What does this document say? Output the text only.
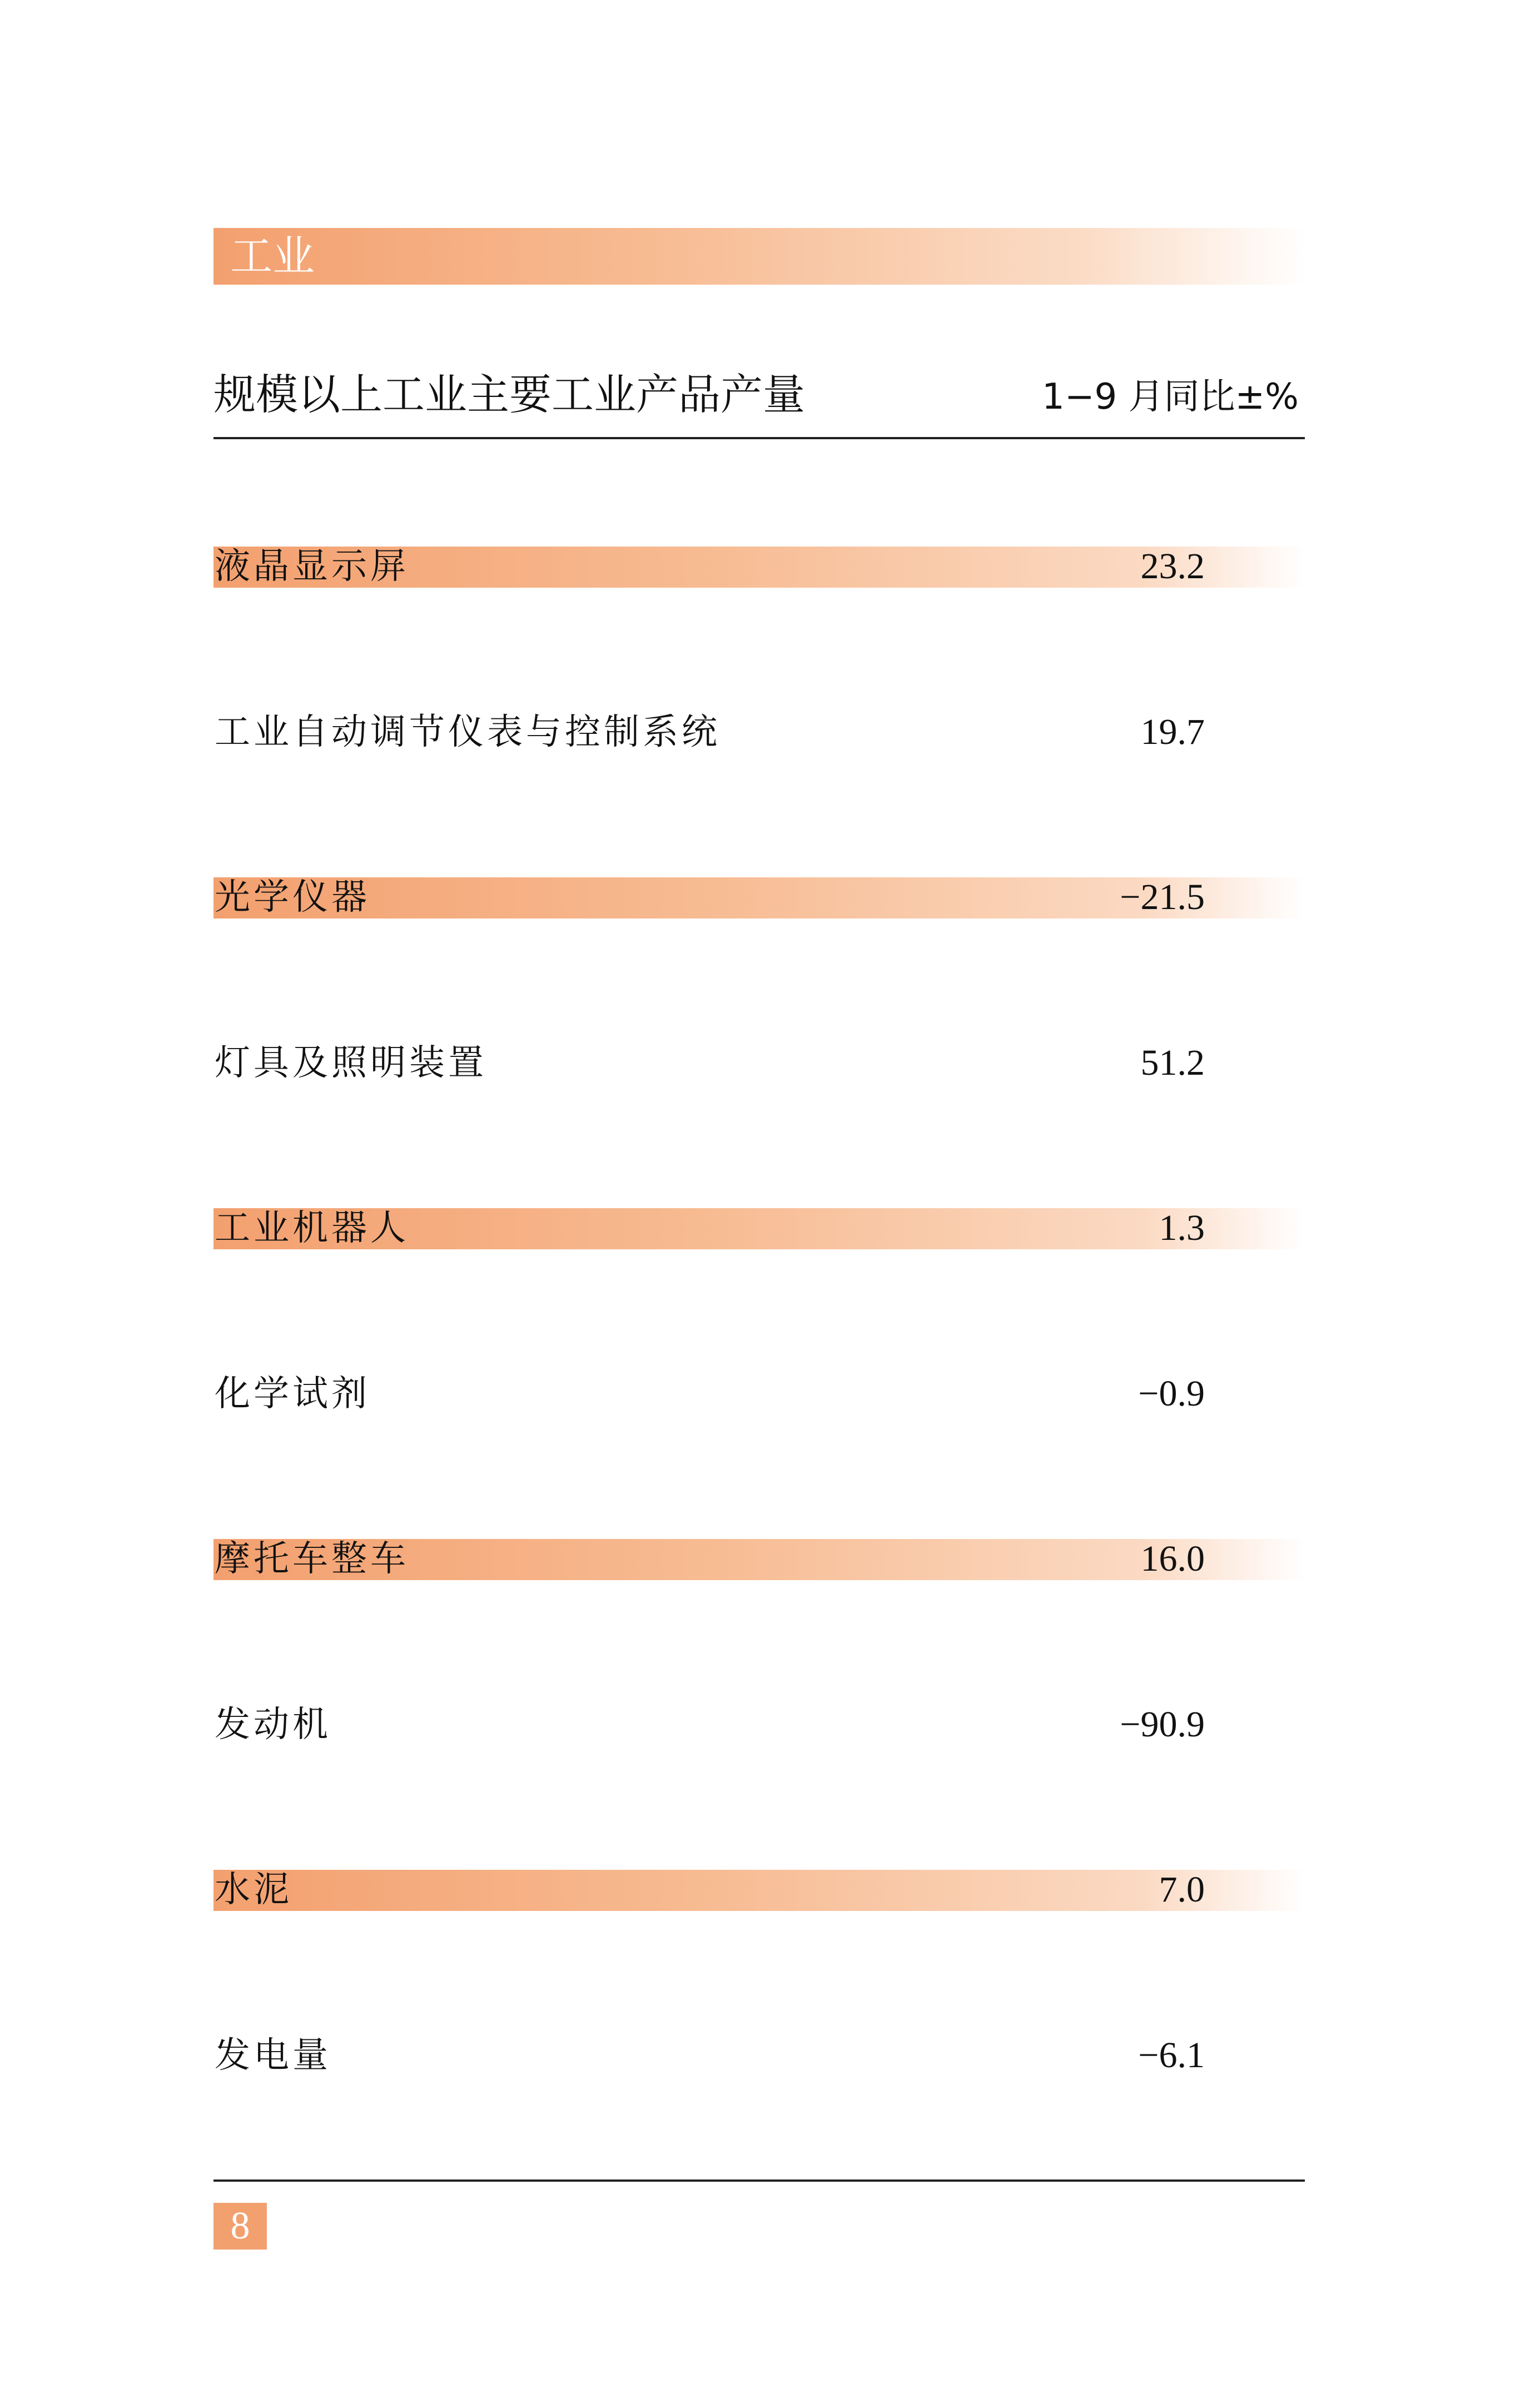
工业
规模以上工业主要工业产品产量	1−9 月同比±%
液晶显示屏	23.2
工业自动调节仪表与控制系统	19.7
光学仪器	−21.5
灯具及照明装置	51.2
工业机器人	1.3
化学试剂	−0.9
摩托车整车	16.0
发动机	−90.9
水泥	7.0
发电量	−6.1
8
